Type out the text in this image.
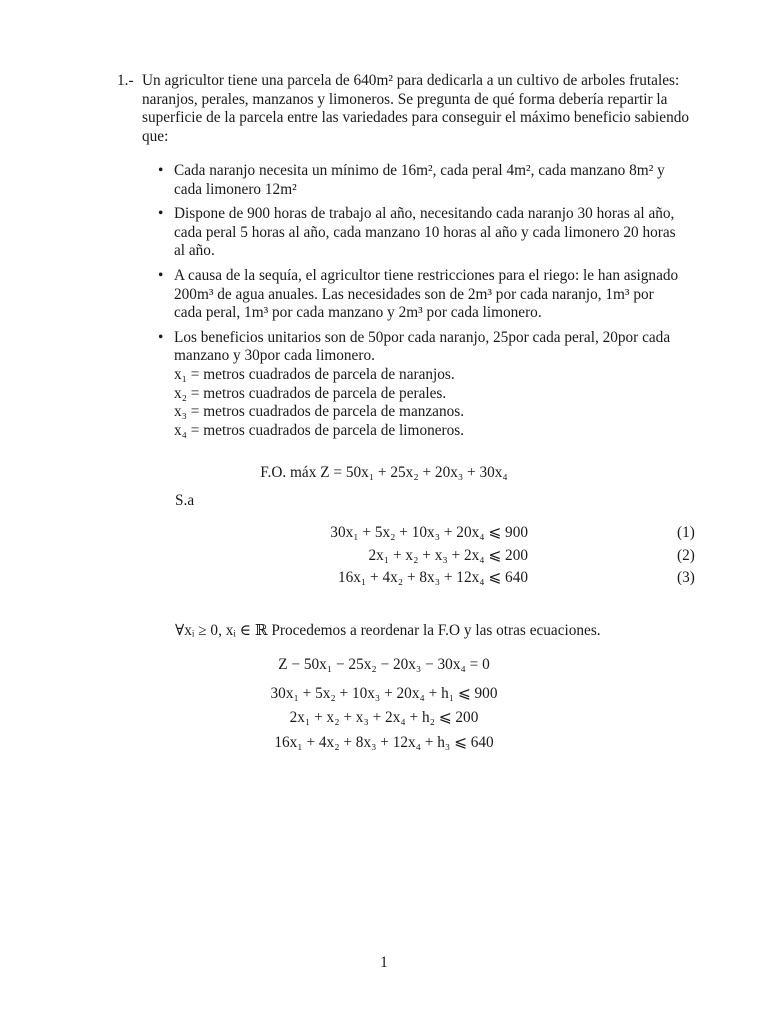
1.- Un agricultor tiene una parcela de 640m² para dedicarla a un cultivo de arboles frutales:
naranjos, perales, manzanos y limoneros. Se pregunta de qué forma debería repartir la
superficie de la parcela entre las variedades para conseguir el máximo beneficio sabiendo
que:
• Cada naranjo necesita un mínimo de 16m², cada peral 4m², cada manzano 8m² y
cada limonero 12m²
• Dispone de 900 horas de trabajo al año, necesitando cada naranjo 30 horas al año,
cada peral 5 horas al año, cada manzano 10 horas al año y cada limonero 20 horas
al año.
• A causa de la sequía, el agricultor tiene restricciones para el riego: le han asignado
200m³ de agua anuales. Las necesidades son de 2m³ por cada naranjo, 1m³ por
cada peral, 1m³ por cada manzano y 2m³ por cada limonero.
• Los beneficios unitarios son de 50por cada naranjo, 25por cada peral, 20por cada
manzano y 30por cada limonero.
x₁ = metros cuadrados de parcela de naranjos.
x₂ = metros cuadrados de parcela de perales.
x₃ = metros cuadrados de parcela de manzanos.
x₄ = metros cuadrados de parcela de limoneros.
F.O. máx Z = 50x₁ + 25x₂ + 20x₃ + 30x₄
S.a
30x₁ + 5x₂ + 10x₃ + 20x₄ ⩽ 900	(1)
2x₁ + x₂ + x₃ + 2x₄ ⩽ 200	(2)
16x₁ + 4x₂ + 8x₃ + 12x₄ ⩽ 640	(3)
∀xᵢ ≥ 0, xᵢ ∈ ℝ Procedemos a reordenar la F.O y las otras ecuaciones.
Z − 50x₁ − 25x₂ − 20x₃ − 30x₄ = 0
30x₁ + 5x₂ + 10x₃ + 20x₄ + h₁ ⩽ 900
2x₁ + x₂ + x₃ + 2x₄ + h₂ ⩽ 200
16x₁ + 4x₂ + 8x₃ + 12x₄ + h₃ ⩽ 640
1
